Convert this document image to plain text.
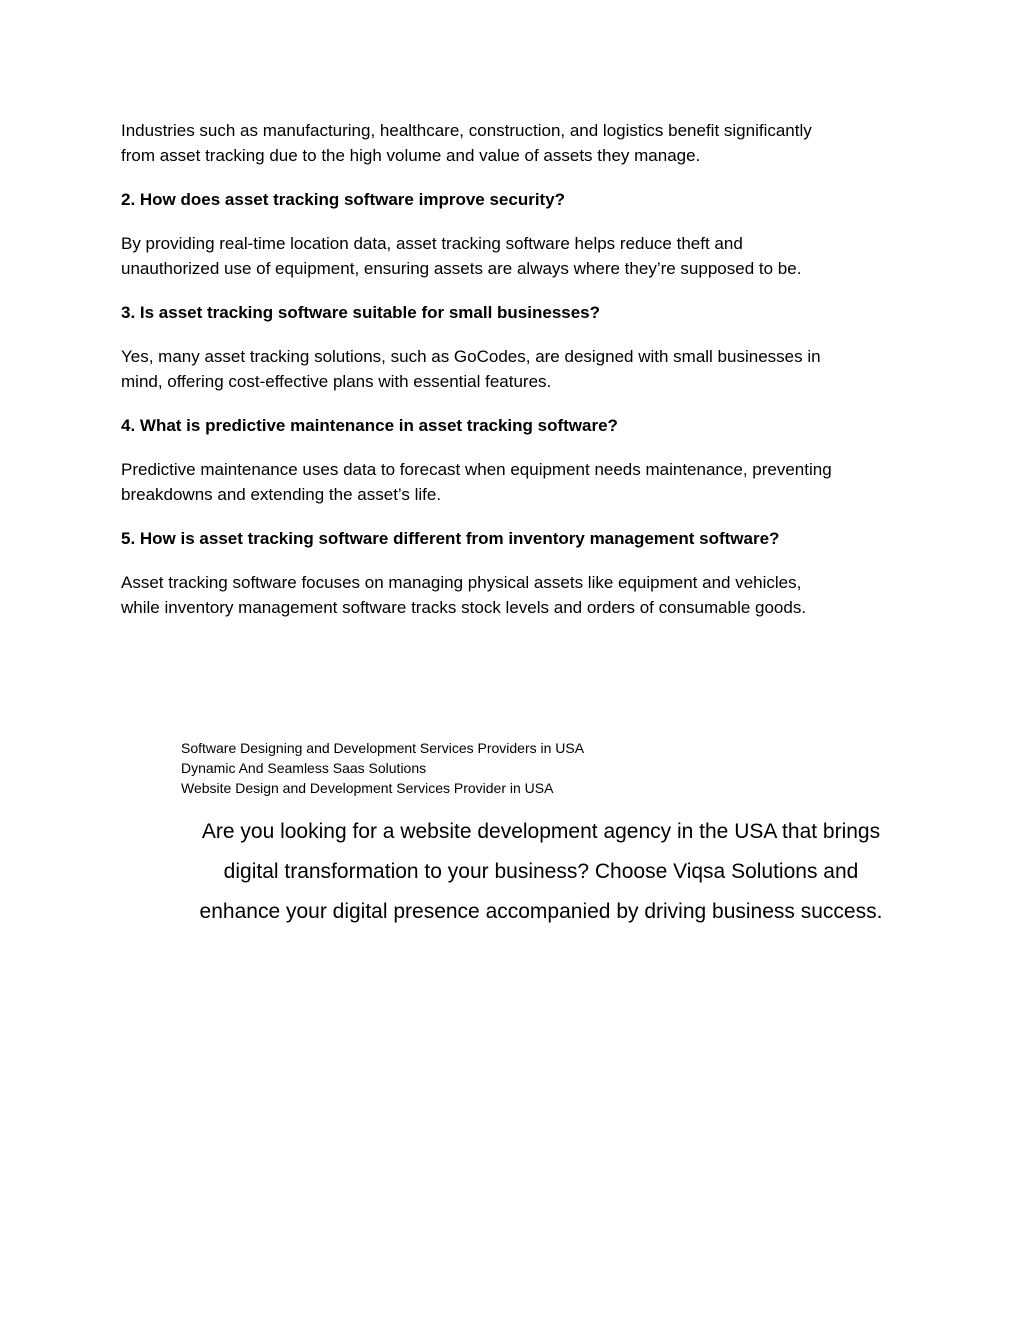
Industries such as manufacturing, healthcare, construction, and logistics benefit significantly
from asset tracking due to the high volume and value of assets they manage.

2. How does asset tracking software improve security?

By providing real-time location data, asset tracking software helps reduce theft and
unauthorized use of equipment, ensuring assets are always where they’re supposed to be.

3. Is asset tracking software suitable for small businesses?

Yes, many asset tracking solutions, such as GoCodes, are designed with small businesses in
mind, offering cost-effective plans with essential features.

4. What is predictive maintenance in asset tracking software?

Predictive maintenance uses data to forecast when equipment needs maintenance, preventing
breakdowns and extending the asset’s life.

5. How is asset tracking software different from inventory management software?

Asset tracking software focuses on managing physical assets like equipment and vehicles,
while inventory management software tracks stock levels and orders of consumable goods.

Software Designing and Development Services Providers in USA
Dynamic And Seamless Saas Solutions
Website Design and Development Services Provider in USA
Are you looking for a website development agency in the USA that brings
digital transformation to your business? Choose Viqsa Solutions and
enhance your digital presence accompanied by driving business success.
